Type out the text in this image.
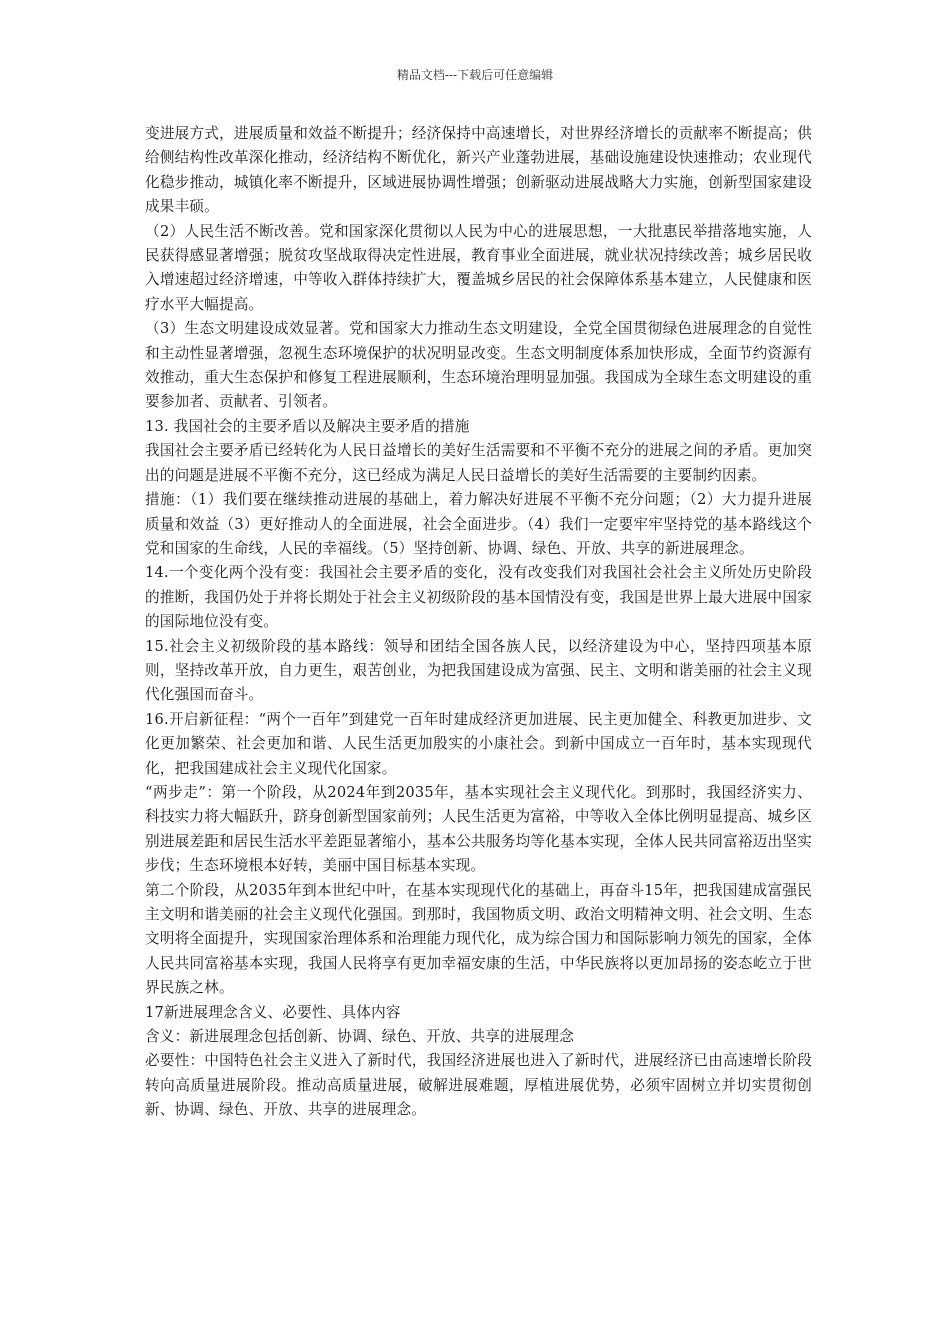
精品文档---下载后可任意编辑

变进展方式，进展质量和效益不断提升；经济保持中高速增长，对世界经济增长的贡献率不断提高；供给侧结构性改革深化推动，经济结构不断优化，新兴产业蓬勃进展，基础设施建设快速推动；农业现代化稳步推动，城镇化率不断提升，区域进展协调性增强；创新驱动进展战略大力实施，创新型国家建设成果丰硕。

（2）人民生活不断改善。党和国家深化贯彻以人民为中心的进展思想，一大批惠民举措落地实施，人民获得感显著增强；脱贫攻坚战取得决定性进展，教育事业全面进展，就业状况持续改善；城乡居民收入增速超过经济增速，中等收入群体持续扩大，覆盖城乡居民的社会保障体系基本建立，人民健康和医疗水平大幅提高。

（3）生态文明建设成效显著。党和国家大力推动生态文明建设，全党全国贯彻绿色进展理念的自觉性和主动性显著增强，忽视生态环境保护的状况明显改变。生态文明制度体系加快形成，全面节约资源有效推动，重大生态保护和修复工程进展顺利，生态环境治理明显加强。我国成为全球生态文明建设的重要参加者、贡献者、引领者。

13. 我国社会的主要矛盾以及解决主要矛盾的措施

我国社会主要矛盾已经转化为人民日益增长的美好生活需要和不平衡不充分的进展之间的矛盾。更加突出的问题是进展不平衡不充分，这已经成为满足人民日益增长的美好生活需要的主要制约因素。

措施：（1）我们要在继续推动进展的基础上，着力解决好进展不平衡不充分问题；（2）大力提升进展质量和效益（3）更好推动人的全面进展，社会全面进步。（4）我们一定要牢牢坚持党的基本路线这个党和国家的生命线，人民的幸福线。（5）坚持创新、协调、绿色、开放、共享的新进展理念。

14.一个变化两个没有变：我国社会主要矛盾的变化，没有改变我们对我国社会社会主义所处历史阶段的推断，我国仍处于并将长期处于社会主义初级阶段的基本国情没有变，我国是世界上最大进展中国家的国际地位没有变。

15.社会主义初级阶段的基本路线：领导和团结全国各族人民，以经济建设为中心，坚持四项基本原则，坚持改革开放，自力更生，艰苦创业，为把我国建设成为富强、民主、文明和谐美丽的社会主义现代化强国而奋斗。

16.开启新征程：“两个一百年”到建党一百年时建成经济更加进展、民主更加健全、科教更加进步、文化更加繁荣、社会更加和谐、人民生活更加殷实的小康社会。到新中国成立一百年时，基本实现现代化，把我国建成社会主义现代化国家。

“两步走”：第一个阶段，从2024年到2035年，基本实现社会主义现代化。到那时，我国经济实力、科技实力将大幅跃升，跻身创新型国家前列；人民生活更为富裕，中等收入全体比例明显提高、城乡区别进展差距和居民生活水平差距显著缩小，基本公共服务均等化基本实现，全体人民共同富裕迈出坚实步伐；生态环境根本好转，美丽中国目标基本实现。

第二个阶段，从2035年到本世纪中叶，在基本实现现代化的基础上，再奋斗15年，把我国建成富强民主文明和谐美丽的社会主义现代化强国。到那时，我国物质文明、政治文明精神文明、社会文明、生态文明将全面提升，实现国家治理体系和治理能力现代化，成为综合国力和国际影响力领先的国家，全体人民共同富裕基本实现，我国人民将享有更加幸福安康的生活，中华民族将以更加昂扬的姿态屹立于世界民族之林。

17新进展理念含义、必要性、具体内容

含义：新进展理念包括创新、协调、绿色、开放、共享的进展理念

必要性：中国特色社会主义进入了新时代，我国经济进展也进入了新时代，进展经济已由高速增长阶段转向高质量进展阶段。推动高质量进展，破解进展难题，厚植进展优势，必须牢固树立并切实贯彻创新、协调、绿色、开放、共享的进展理念。
